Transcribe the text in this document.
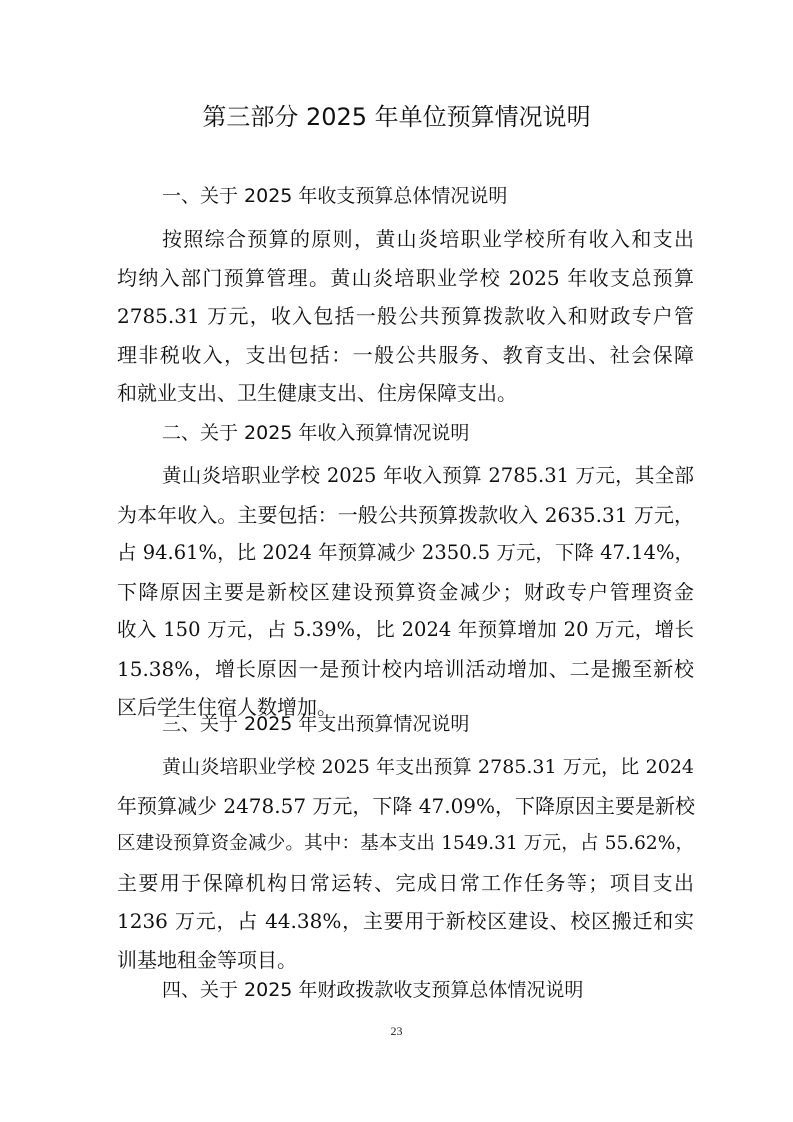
第三部分 2025 年单位预算情况说明
一、关于 2025 年收支预算总体情况说明
按照综合预算的原则，黄山炎培职业学校所有收入和支出
均纳入部门预算管理。黄山炎培职业学校 2025 年收支总预算
2785.31 万元，收入包括一般公共预算拨款收入和财政专户管
理非税收入，支出包括：一般公共服务、教育支出、社会保障
和就业支出、卫生健康支出、住房保障支出。
二、关于 2025 年收入预算情况说明
黄山炎培职业学校 2025 年收入预算 2785.31 万元，其全部
为本年收入。主要包括：一般公共预算拨款收入 2635.31 万元，
占 94.61%，比 2024 年预算减少 2350.5 万元，下降 47.14%，
下降原因主要是新校区建设预算资金减少；财政专户管理资金
收入 150 万元，占 5.39%，比 2024 年预算增加 20 万元，增长
15.38%，增长原因一是预计校内培训活动增加、二是搬至新校
区后学生住宿人数增加。
三、关于 2025 年支出预算情况说明
黄山炎培职业学校 2025 年支出预算 2785.31 万元，比 2024
年预算减少 2478.57 万元，下降 47.09%，下降原因主要是新校
区建设预算资金减少。其中：基本支出 1549.31 万元，占 55.62%，
主要用于保障机构日常运转、完成日常工作任务等；项目支出
1236 万元，占 44.38%，主要用于新校区建设、校区搬迁和实
训基地租金等项目。
四、关于 2025 年财政拨款收支预算总体情况说明
23
